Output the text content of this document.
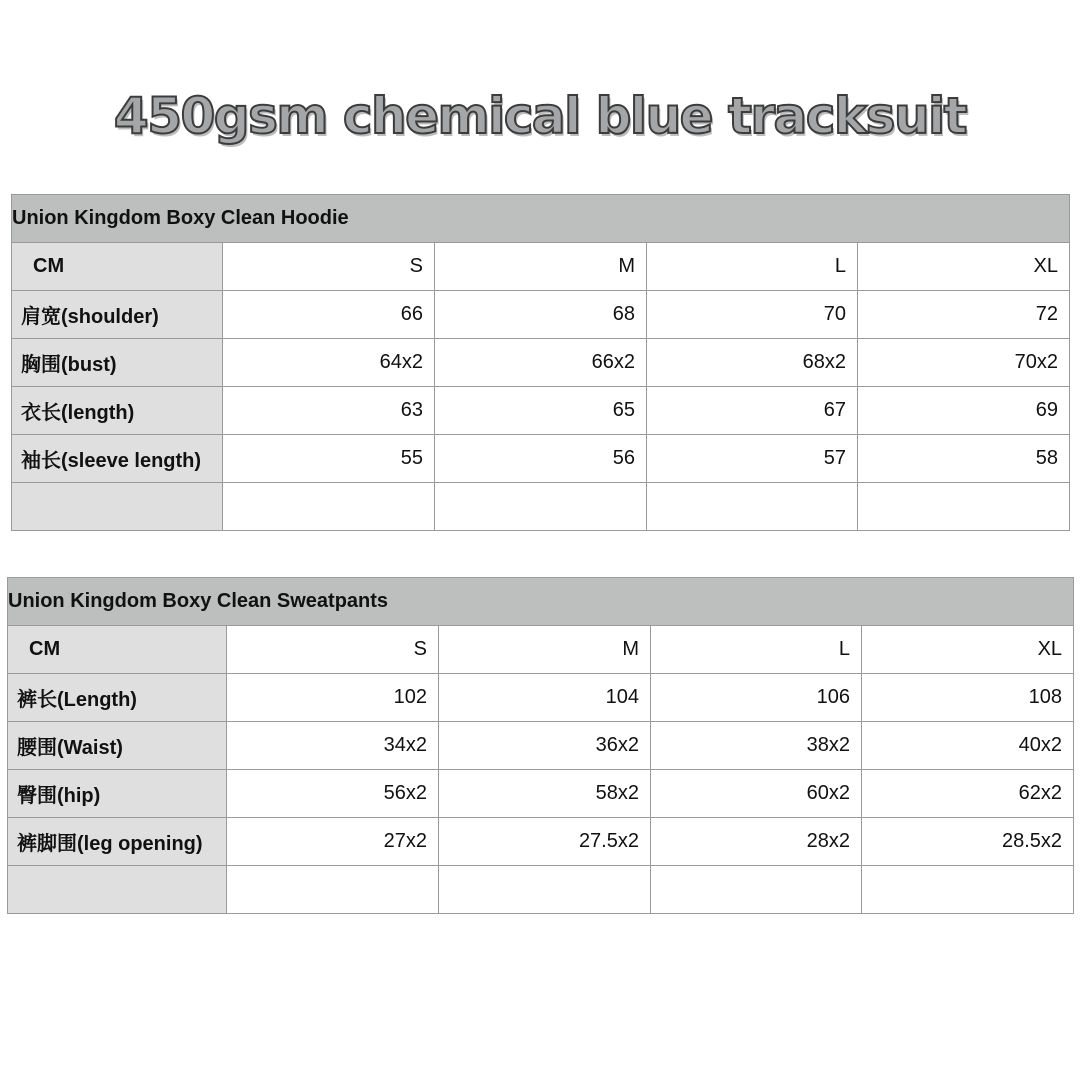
450gsm chemical blue tracksuit
Union Kingdom Boxy Clean Hoodie				
CM	S	M	L	XL
肩宽(shoulder)	66	68	70	72
胸围(bust)	64x2	66x2	68x2	70x2
衣长(length)	63	65	67	69
袖长(sleeve length)	55	56	57	58

Union Kingdom Boxy Clean Sweatpants				
CM	S	M	L	XL
裤长(Length)	102	104	106	108
腰围(Waist)	34x2	36x2	38x2	40x2
臀围(hip)	56x2	58x2	60x2	62x2
裤脚围(leg opening)	27x2	27.5x2	28x2	28.5x2
